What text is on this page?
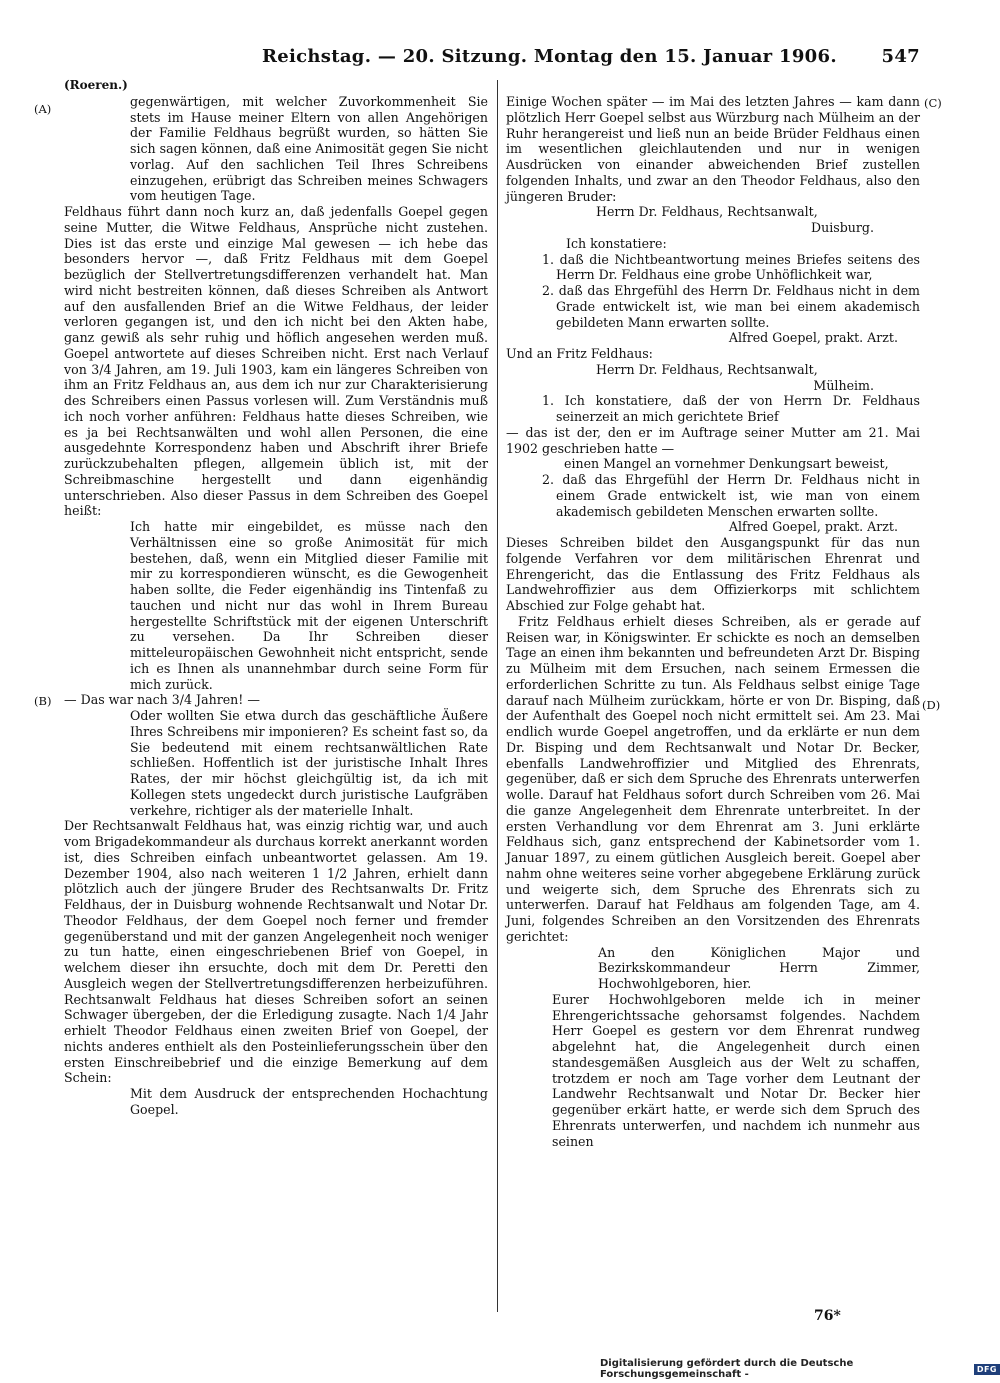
Reichstag. — 20. Sitzung. Montag den 15. Januar 1906. 547
(A)
(B)
(C)
(D)

(Roeren.)

gegenwärtigen, mit welcher Zuvorkommenheit Sie stets im Hause meiner Eltern von allen Angehörigen der Familie Feldhaus begrüßt wurden, so hätten Sie sich sagen können, daß eine Animosität gegen Sie nicht vorlag. Auf den sachlichen Teil Ihres Schreibens einzugehen, erübrigt das Schreiben meines Schwagers vom heutigen Tage.

Feldhaus führt dann noch kurz an, daß jedenfalls Goepel gegen seine Mutter, die Witwe Feldhaus, Ansprüche nicht zustehen. Dies ist das erste und einzige Mal gewesen — ich hebe das besonders hervor —, daß Fritz Feldhaus mit dem Goepel bezüglich der Stellvertretungsdifferenzen verhandelt hat. Man wird nicht bestreiten können, daß dieses Schreiben als Antwort auf den ausfallenden Brief an die Witwe Feldhaus, der leider verloren gegangen ist, und den ich nicht bei den Akten habe, ganz gewiß als sehr ruhig und höflich angesehen werden muß. Goepel antwortete auf dieses Schreiben nicht. Erst nach Verlauf von 3/4 Jahren, am 19. Juli 1903, kam ein längeres Schreiben von ihm an Fritz Feldhaus an, aus dem ich nur zur Charakterisierung des Schreibers einen Passus vorlesen will. Zum Verständnis muß ich noch vorher anführen: Feldhaus hatte dieses Schreiben, wie es ja bei Rechtsanwälten und wohl allen Personen, die eine ausgedehnte Korrespondenz haben und Abschrift ihrer Briefe zurückzubehalten pflegen, allgemein üblich ist, mit der Schreibmaschine hergestellt und dann eigenhändig unterschrieben. Also dieser Passus in dem Schreiben des Goepel heißt:

Ich hatte mir eingebildet, es müsse nach den Verhältnissen eine so große Animosität für mich bestehen, daß, wenn ein Mitglied dieser Familie mit mir zu korrespondieren wünscht, es die Gewogenheit haben sollte, die Feder eigenhändig ins Tintenfaß zu tauchen und nicht nur das wohl in Ihrem Bureau hergestellte Schriftstück mit der eigenen Unterschrift zu versehen. Da Ihr Schreiben dieser mitteleuropäischen Gewohnheit nicht entspricht, sende ich es Ihnen als unannehmbar durch seine Form für mich zurück.

— Das war nach 3/4 Jahren! —

Oder wollten Sie etwa durch das geschäftliche Äußere Ihres Schreibens mir imponieren? Es scheint fast so, da Sie bedeutend mit einem rechtsanwältlichen Rate schließen. Hoffentlich ist der juristische Inhalt Ihres Rates, der mir höchst gleichgültig ist, da ich mit Kollegen stets ungedeckt durch juristische Laufgräben verkehre, richtiger als der materielle Inhalt.

Der Rechtsanwalt Feldhaus hat, was einzig richtig war, und auch vom Brigadekommandeur als durchaus korrekt anerkannt worden ist, dies Schreiben einfach unbeantwortet gelassen. Am 19. Dezember 1904, also nach weiteren 1 1/2 Jahren, erhielt dann plötzlich auch der jüngere Bruder des Rechtsanwalts Dr. Fritz Feldhaus, der in Duisburg wohnende Rechtsanwalt und Notar Dr. Theodor Feldhaus, der dem Goepel noch ferner und fremder gegenüberstand und mit der ganzen Angelegenheit noch weniger zu tun hatte, einen eingeschriebenen Brief von Goepel, in welchem dieser ihn ersuchte, doch mit dem Dr. Peretti den Ausgleich wegen der Stellvertretungsdifferenzen herbeizuführen. Rechtsanwalt Feldhaus hat dieses Schreiben sofort an seinen Schwager übergeben, der die Erledigung zusagte. Nach 1/4 Jahr erhielt Theodor Feldhaus einen zweiten Brief von Goepel, der nichts anderes enthielt als den Posteinlieferungsschein über den ersten Einschreibebrief und die einzige Bemerkung auf dem Schein:

Mit dem Ausdruck der entsprechenden Hochachtung Goepel.

Einige Wochen später — im Mai des letzten Jahres — kam dann plötzlich Herr Goepel selbst aus Würzburg nach Mülheim an der Ruhr herangereist und ließ nun an beide Brüder Feldhaus einen im wesentlichen gleichlautenden und nur in wenigen Ausdrücken von einander abweichenden Brief zustellen folgenden Inhalts, und zwar an den Theodor Feldhaus, also den jüngeren Bruder:

Herrn Dr. Feldhaus, Rechtsanwalt,

Duisburg.

Ich konstatiere:

1. daß die Nichtbeantwortung meines Briefes seitens des Herrn Dr. Feldhaus eine grobe Unhöflichkeit war,

2. daß das Ehrgefühl des Herrn Dr. Feldhaus nicht in dem Grade entwickelt ist, wie man bei einem akademisch gebildeten Mann erwarten sollte.

Alfred Goepel, prakt. Arzt.

Und an Fritz Feldhaus:

Herrn Dr. Feldhaus, Rechtsanwalt,

Mülheim.

1. Ich konstatiere, daß der von Herrn Dr. Feldhaus seinerzeit an mich gerichtete Brief

— das ist der, den er im Auftrage seiner Mutter am 21. Mai 1902 geschrieben hatte —

einen Mangel an vornehmer Denkungsart beweist,

2. daß das Ehrgefühl der Herrn Dr. Feldhaus nicht in einem Grade entwickelt ist, wie man von einem akademisch gebildeten Menschen erwarten sollte.

Alfred Goepel, prakt. Arzt.

Dieses Schreiben bildet den Ausgangspunkt für das nun folgende Verfahren vor dem militärischen Ehrenrat und Ehrengericht, das die Entlassung des Fritz Feldhaus als Landwehroffizier aus dem Offizierkorps mit schlichtem Abschied zur Folge gehabt hat.

Fritz Feldhaus erhielt dieses Schreiben, als er gerade auf Reisen war, in Königswinter. Er schickte es noch an demselben Tage an einen ihm bekannten und befreundeten Arzt Dr. Bisping zu Mülheim mit dem Ersuchen, nach seinem Ermessen die erforderlichen Schritte zu tun. Als Feldhaus selbst einige Tage darauf nach Mülheim zurückkam, hörte er von Dr. Bisping, daß der Aufenthalt des Goepel noch nicht ermittelt sei. Am 23. Mai endlich wurde Goepel angetroffen, und da erklärte er nun dem Dr. Bisping und dem Rechtsanwalt und Notar Dr. Becker, ebenfalls Landwehroffizier und Mitglied des Ehrenrats, gegenüber, daß er sich dem Spruche des Ehrenrats unterwerfen wolle. Darauf hat Feldhaus sofort durch Schreiben vom 26. Mai die ganze Angelegenheit dem Ehrenrate unterbreitet. In der ersten Verhandlung vor dem Ehrenrat am 3. Juni erklärte Feldhaus sich, ganz entsprechend der Kabinetsorder vom 1. Januar 1897, zu einem gütlichen Ausgleich bereit. Goepel aber nahm ohne weiteres seine vorher abgegebene Erklärung zurück und weigerte sich, dem Spruche des Ehrenrats sich zu unterwerfen. Darauf hat Feldhaus am folgenden Tage, am 4. Juni, folgendes Schreiben an den Vorsitzenden des Ehrenrats gerichtet:

An den Königlichen Major und Bezirkskommandeur Herrn Zimmer, Hochwohlgeboren, hier.

Eurer Hochwohlgeboren melde ich in meiner Ehrengerichtssache gehorsamst folgendes. Nachdem Herr Goepel es gestern vor dem Ehrenrat rundweg abgelehnt hat, die Angelegenheit durch einen standesgemäßen Ausgleich aus der Welt zu schaffen, trotzdem er noch am Tage vorher dem Leutnant der Landwehr Rechtsanwalt und Notar Dr. Becker hier gegenüber erkärt hatte, er werde sich dem Spruch des Ehrenrats unterwerfen, und nachdem ich nunmehr aus seinen

76*
Digitalisierung gefördert durch die Deutsche Forschungsgemeinschaft -	DFG
